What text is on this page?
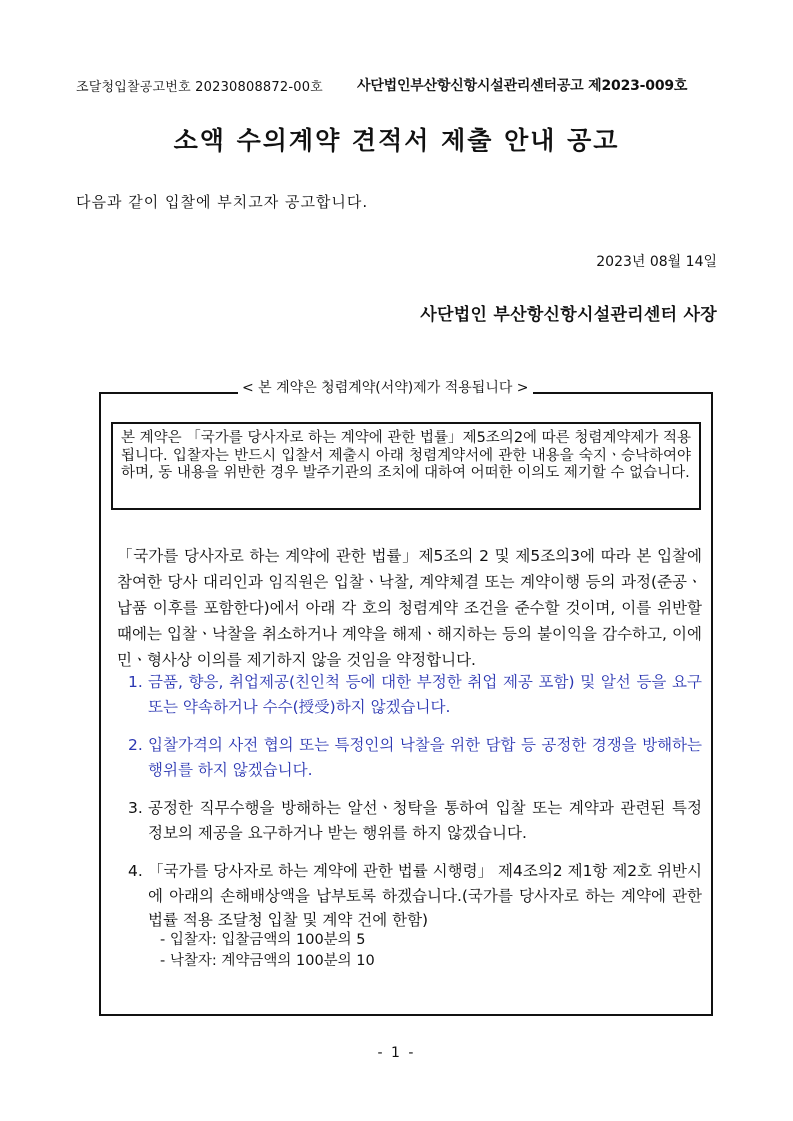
조달청입찰공고번호 20230808872-00호 사단법인부산항신항시설관리센터공고 제2023-009호
소액 수의계약 견적서 제출 안내 공고
다음과 같이 입찰에 부치고자 공고합니다.
2023년 08월 14일
사단법인 부산항신항시설관리센터 사장
< 본 계약은 청렴계약(서약)제가 적용됩니다 >
본 계약은 「국가를 당사자로 하는 계약에 관한 법률」제5조의2에 따른 청렴계약제가 적용됩니다. 입찰자는 반드시 입찰서 제출시 아래 청렴계약서에 관한 내용을 숙지ㆍ승낙하여야 하며, 동 내용을 위반한 경우 발주기관의 조치에 대하여 어떠한 이의도 제기할 수 없습니다.
「국가를 당사자로 하는 계약에 관한 법률」제5조의 2 및 제5조의3에 따라 본 입찰에 참여한 당사 대리인과 임직원은 입찰ㆍ낙찰, 계약체결 또는 계약이행 등의 과정(준공ㆍ납품 이후를 포함한다)에서 아래 각 호의 청렴계약 조건을 준수할 것이며, 이를 위반할 때에는 입찰ㆍ낙찰을 취소하거나 계약을 해제ㆍ해지하는 등의 불이익을 감수하고, 이에 민ㆍ형사상 이의를 제기하지 않을 것임을 약정합니다.
1. 금품, 향응, 취업제공(친인척 등에 대한 부정한 취업 제공 포함) 및 알선 등을 요구 또는 약속하거나 수수(授受)하지 않겠습니다.
2. 입찰가격의 사전 협의 또는 특정인의 낙찰을 위한 담합 등 공정한 경쟁을 방해하는 행위를 하지 않겠습니다.
3. 공정한 직무수행을 방해하는 알선ㆍ청탁을 통하여 입찰 또는 계약과 관련된 특정 정보의 제공을 요구하거나 받는 행위를 하지 않겠습니다.
4. 「국가를 당사자로 하는 계약에 관한 법률 시행령」 제4조의2 제1항 제2호 위반시에 아래의 손해배상액을 납부토록 하겠습니다.(국가를 당사자로 하는 계약에 관한 법률 적용 조달청 입찰 및 계약 건에 한함)
- 입찰자: 입찰금액의 100분의 5
- 낙찰자: 계약금액의 100분의 10
- 1 -
